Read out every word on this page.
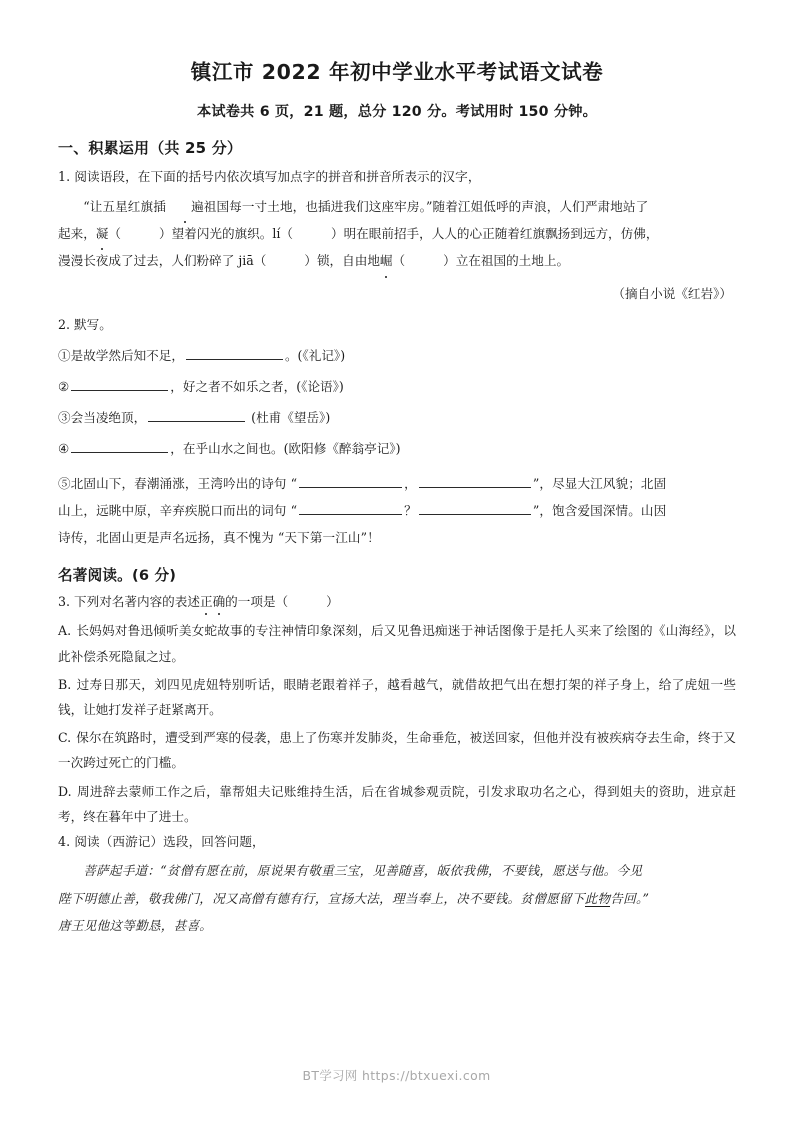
镇江市 2022 年初中学业水平考试语文试卷
本试卷共 6 页，21 题，总分 120 分。考试用时 150 分钟。
一、积累运用（共 25 分）
1. 阅读语段，在下面的括号内依次填写加点字的拼音和拼音所表示的汉字，
“让五星红旗插 遍祖国每一寸土地，也插进我们这座牢房。”随着江姐低呼的声浪，人们严肃地站了
起来，凝（	）望着闪光的旗织。lí（	）明在眼前招手，人人的心正随着红旗飘扬到远方，仿佛，
漫漫长夜成了过去，人们粉碎了 jiā（	）锁，自由地崛（	）立在祖国的土地上。
（摘自小说《红岩》）
2. 默写。
①是故学然后知不足，	。(《礼记》)
②	，好之者不如乐之者，(《论语》)
③会当凌绝顶，	(杜甫《望岳》)
④	，在乎山水之间也。(欧阳修《醉翁亭记》)
⑤北固山下，春潮涌涨，王湾吟出的诗句 “	，	”，尽显大江风貌；北固
山上，远眺中原，辛弃疾脱口而出的词句 “	？	”，饱含爱国深情。山因
诗传，北固山更是声名远扬，真不愧为 “天下第一江山”！
名著阅读。(6 分)
3. 下列对名著内容的表述正确的一项是（	）
A. 长妈妈对鲁迅倾听美女蛇故事的专注神情印象深刻，后又见鲁迅痴迷于神话图像于是托人买来了绘图的《山海经》，以此补偿杀死隐鼠之过。
B. 过寿日那天，刘四见虎妞特别听话，眼睛老跟着祥子，越看越气，就借故把气出在想打架的祥子身上，给了虎妞一些钱，让她打发祥子赶紧离开。
C. 保尔在筑路时，遭受到严寒的侵袭，患上了伤寒并发肺炎，生命垂危，被送回家，但他并没有被疾病夺去生命，终于又一次跨过死亡的门槛。
D. 周进辞去蒙师工作之后，靠帮姐夫记账维持生活，后在省城参观贡院，引发求取功名之心，得到姐夫的资助，进京赶考，终在暮年中了进士。
4. 阅读（西游记）选段，回答问题，
菩萨起手道：“贫僧有愿在前，原说果有敬重三宝，见善随喜，皈依我佛，不要钱，愿送与他。今见
陛下明德止善，敬我佛门，况又高僧有德有行，宣扬大法，理当奉上，决不要钱。贫僧愿留下此物告回。”
唐王见他这等勤恳，甚喜。
BT学习网 https://btxuexi.com
